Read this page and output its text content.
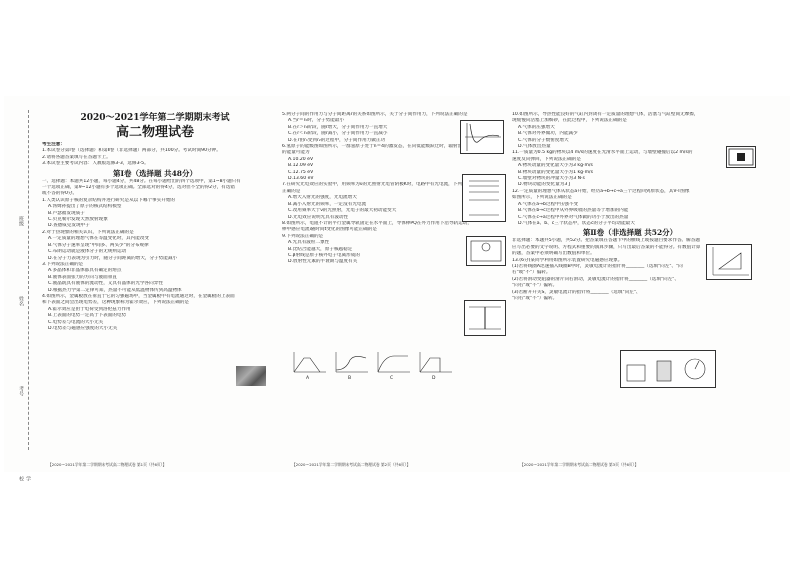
班级
姓名
考号
学校
2020～2021学年第二学期期末考试
高二物理试卷
考生注意：
1.本试卷分第Ⅰ卷（选择题）和第Ⅱ卷（非选择题）两部分，共100分。考试时间90分钟。
2.请将各题答案填写在答题卡上。
3.本试卷主要考试内容：人教版选修3-3，选修3-5。
第Ⅰ卷（选择题 共48分）
一、选择题：本题共12小题，每小题4分，共48分。在每小题给出的四个选项中，第1~8小题只有
一个选项正确，第9~12小题有多个选项正确。全部选对的得4分，选对但不全的得2分，有选错
或不答的得0分。
1.人类认识原子核的复杂结构并进行研究是从以下哪个事实开始的
A.汤姆孙提出了原子的核式结构模型
B.卢瑟福发现质子
C.贝克勒尔发现天然放射现象
D.查德威克发现中子
2.对于热现象的相关认识，下列说法正确的是
A.一定质量的理想气体在等温变化时，其内能改变
B.气体分子速率呈现"中间多、两头少"的分布规律
C.布朗运动就是液体分子的无规则运动
D.在分子力表现为引力时，随分子间距离的增大，分子势能减小
3.下列说法正确的是
A.多晶体和非晶体都具有确定的熔点
B.液体表面张力的方向与液面垂直
C.液晶既具有液体的流动性，又具有晶体的光学各向异性
D.根据热力学第二定律可知，热量不可能从低温物体传到高温物体
4.如图所示，金属板放在垂直于它的匀强磁场中，当金属板中有电流通过时，在金属板的上表面
和下表面之间会出现电势差，这种现象称为霍尔效应，下列说法正确的是
A.霍尔效应是由于电荷受到洛伦兹力作用
B.上表面的电势一定高于下表面的电势
C.电势差与电流的大小无关
D.电势差与磁感应强度的大小无关
5.两分子间的作用力与分子间距离r的关系如图所示，关于分子间作用力，下列说法正确的是
A.当r＝r₀时，分子势能最小
B.在r＞r₀阶段，随r增大，分子间作用力一直增大
C.在r＜r₀阶段，随r减小，分子间作用力一直减小
D.在r由r₁变到r₂的过程中，分子间作用力做正功
6.氢原子的能级图如图所示，一群氢原子处于n＝4的激发态，在向低能级跃迁时，辐射出的光子
的能量可能为
A.10.20 eV
B.12.09 eV
C.12.75 eV
D.13.60 eV
7.在研究光电效应的实验中，用频率为ν的光照射光电管阴极K时，电路中有光电流，下列说法
正确的是
A.增大入射光的强度，光电流增大
B.减小入射光的频率，一定没有光电流
C.改用频率大于ν的光照射，光电子的最大初动能变大
D.光电效应说明光具有波动性
8.如图所示，电阻不计的平行金属导轨固定在水平面上，导体棒PQ在外力作用下沿导轨运动，
棒中感应电流i随时间t变化的图像可能正确的是
9.下列说法正确的是
A.光具有波粒二象性
B.比结合能越大，原子核越稳定
C.β射线是原子核外电子电离形成的
D.放射性元素的半衰期与温度有关
10.如图所示，导热性能良好的气缸内封闭有一定质量的理想气体，活塞与气缸壁间无摩擦，
现缓慢向活塞上加细砂，在此过程中，下列说法正确的是
A.气体的压强增大
B.气体对外界做功，内能减少
C.气体的分子数密度增大
D.气体放出热量
11.一质量为0.5 kg的物块以4 m/s的速度在光滑水平面上运动，与墙壁碰撞后以2 m/s的
速度反向弹回，下列说法正确的是
A.物块动量的变化量大小为3 kg·m/s
B.物块动量的变化量大小为1 kg·m/s
C.墙壁对物块的冲量大小为3 N·s
D.物块动能的变化量为3 J
12.一定质量的理想气体从状态a开始，经历a→b→c→a三个过程回到原状态，其V-T图像
如图所示，下列说法正确的是
A.气体在a→b过程中压强不变
B.气体在b→c过程中从外界吸收的热量等于增加的内能
C.气体在c→a过程中外界对气体做的功小于放出的热量
D.气体在a、b、c三个状态中，状态c的分子平均动能最大
第Ⅱ卷（非选择题 共52分）
非选择题：本题共5小题，共52分。把答案填在答题卡中的横线上或按题目要求作答。解答题
应写出必要的文字说明、方程式和重要的演算步骤，只写出最后答案的不能得分。有数值计算
的题，答案中必须明确写出数值和单位。
13.(6分)某同学利用如图所示装置研究电磁感应现象。
(1)若将线圈A迅速插入线圈B中时，灵敏电流计的指针将________（选填"向左"、"向
右"或"不"）偏转。
(2)若将滑动变阻器的滑片向右滑动，灵敏电流计的指针将________（选填"向左"、
"向右"或"不"）偏转。
(3)若断开开关S，灵敏电流计的指针将________（选填"向左"、
"向右"或"不"）偏转。
A	B	C	D
【2020～2021学年第二学期期末考试高二物理试卷 第1页（共6页）】	【2020～2021学年第二学期期末考试高二物理试卷 第2页（共6页）】	【2020～2021学年第二学期期末考试高二物理试卷 第3页（共6页）】
